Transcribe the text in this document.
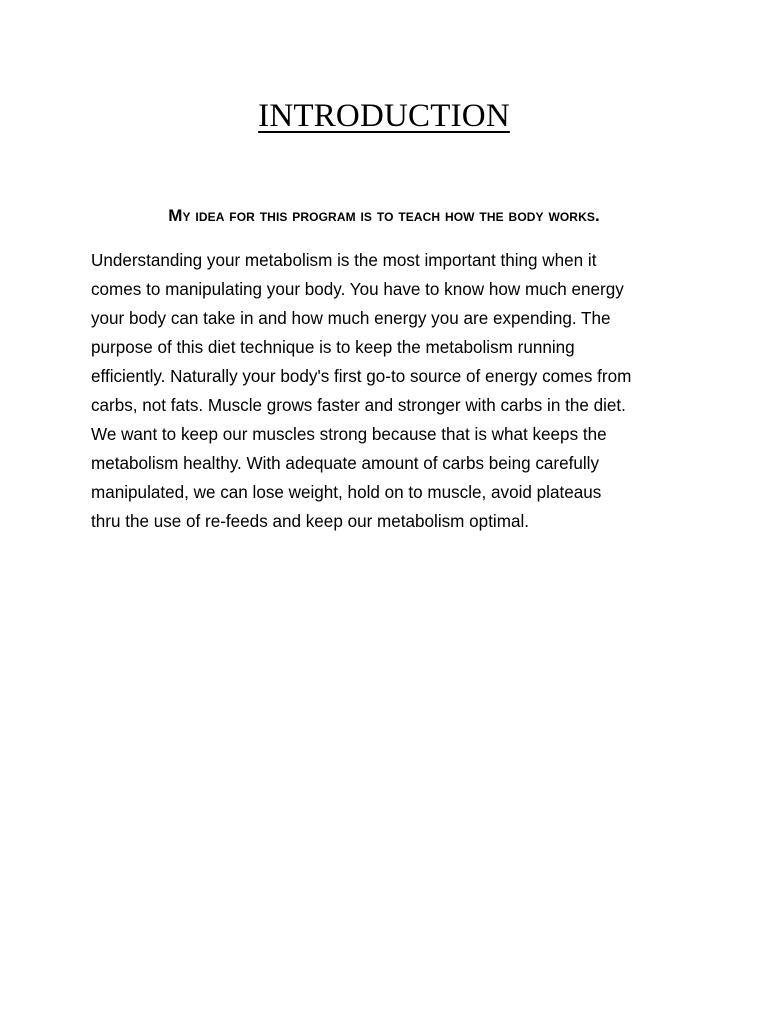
INTRODUCTION
My idea for this program is to teach how the body works.
Understanding your metabolism is the most important thing when it
comes to manipulating your body. You have to know how much energy
your body can take in and how much energy you are expending. The
purpose of this diet technique is to keep the metabolism running
efficiently. Naturally your body's first go-to source of energy comes from
carbs, not fats. Muscle grows faster and stronger with carbs in the diet.
We want to keep our muscles strong because that is what keeps the
metabolism healthy. With adequate amount of carbs being carefully
manipulated, we can lose weight, hold on to muscle, avoid plateaus
thru the use of re-feeds and keep our metabolism optimal.
